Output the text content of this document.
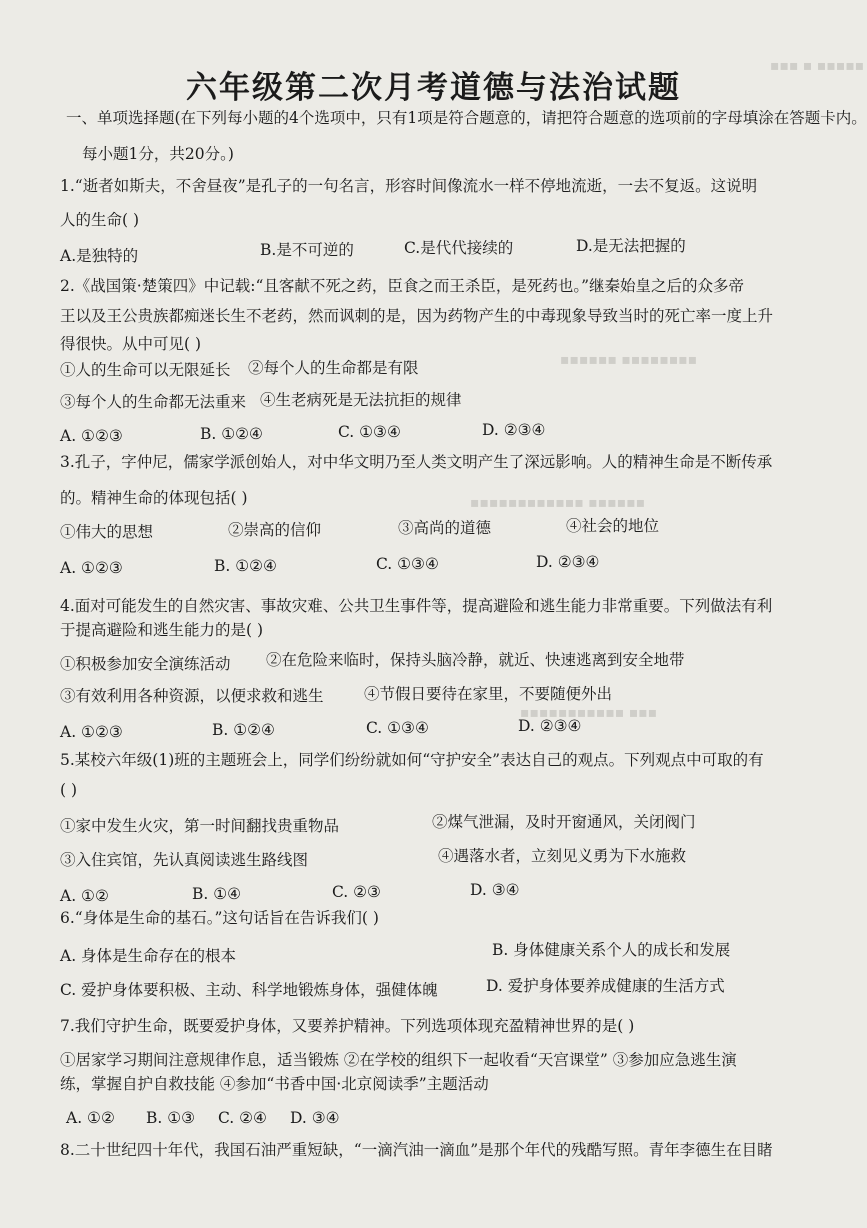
▪▪▪ ▪ ▪▪▪▪▪
▪▪▪▪▪▪ ▪▪▪▪▪▪▪▪
▪▪▪▪▪▪▪▪▪▪▪▪ ▪▪▪▪▪▪
▪▪▪▪▪▪▪▪▪▪▪ ▪▪▪
六年级第二次月考道德与法治试题
一、单项选择题(在下列每小题的4个选项中，只有1项是符合题意的，请把符合题意的选项前的字母填涂在答题卡内。
每小题1分，共20分。)
1.“逝者如斯夫，不舍昼夜”是孔子的一句名言，形容时间像流水一样不停地流逝，一去不复返。这说明
人的生命( )
A.是独特的	B.是不可逆的	C.是代代接续的	D.是无法把握的
2.《战国策·楚策四》中记载:“且客献不死之药，臣食之而王杀臣，是死药也。”继秦始皇之后的众多帝
王以及王公贵族都痴迷长生不老药，然而讽刺的是，因为药物产生的中毒现象导致当时的死亡率一度上升
得很快。从中可见( )
①人的生命可以无限延长 ②每个人的生命都是有限
③每个人的生命都无法重来 ④生老病死是无法抗拒的规律
A. ①②③	B. ①②④	C. ①③④	D. ②③④
3.孔子，字仲尼，儒家学派创始人，对中华文明乃至人类文明产生了深远影响。人的精神生命是不断传承
的。精神生命的体现包括( )
①伟大的思想	②崇高的信仰	③高尚的道德	④社会的地位
A. ①②③	B. ①②④	C. ①③④	D. ②③④
4.面对可能发生的自然灾害、事故灾难、公共卫生事件等，提高避险和逃生能力非常重要。下列做法有利
于提高避险和逃生能力的是( )
①积极参加安全演练活动 ②在危险来临时，保持头脑冷静，就近、快速逃离到安全地带
③有效利用各种资源，以便求救和逃生	④节假日要待在家里，不要随便外出
A. ①②③	B. ①②④	C. ①③④	D. ②③④
5.某校六年级(1)班的主题班会上，同学们纷纷就如何“守护安全”表达自己的观点。下列观点中可取的有
( )
①家中发生火灾，第一时间翻找贵重物品	②煤气泄漏，及时开窗通风，关闭阀门
③入住宾馆，先认真阅读逃生路线图	④遇落水者，立刻见义勇为下水施救
A. ①②	B. ①④	C. ②③	D. ③④
6.“身体是生命的基石。”这句话旨在告诉我们( )
A. 身体是生命存在的根本	B. 身体健康关系个人的成长和发展
C. 爱护身体要积极、主动、科学地锻炼身体，强健体魄	D. 爱护身体要养成健康的生活方式
7.我们守护生命，既要爱护身体，又要养护精神。下列选项体现充盈精神世界的是( )
①居家学习期间注意规律作息，适当锻炼 ②在学校的组织下一起收看“天宫课堂” ③参加应急逃生演
练，掌握自护自救技能 ④参加“书香中国·北京阅读季”主题活动
A. ①② B. ①③ C. ②④ D. ③④
8.二十世纪四十年代，我国石油严重短缺，“一滴汽油一滴血”是那个年代的残酷写照。青年李德生在目睹
